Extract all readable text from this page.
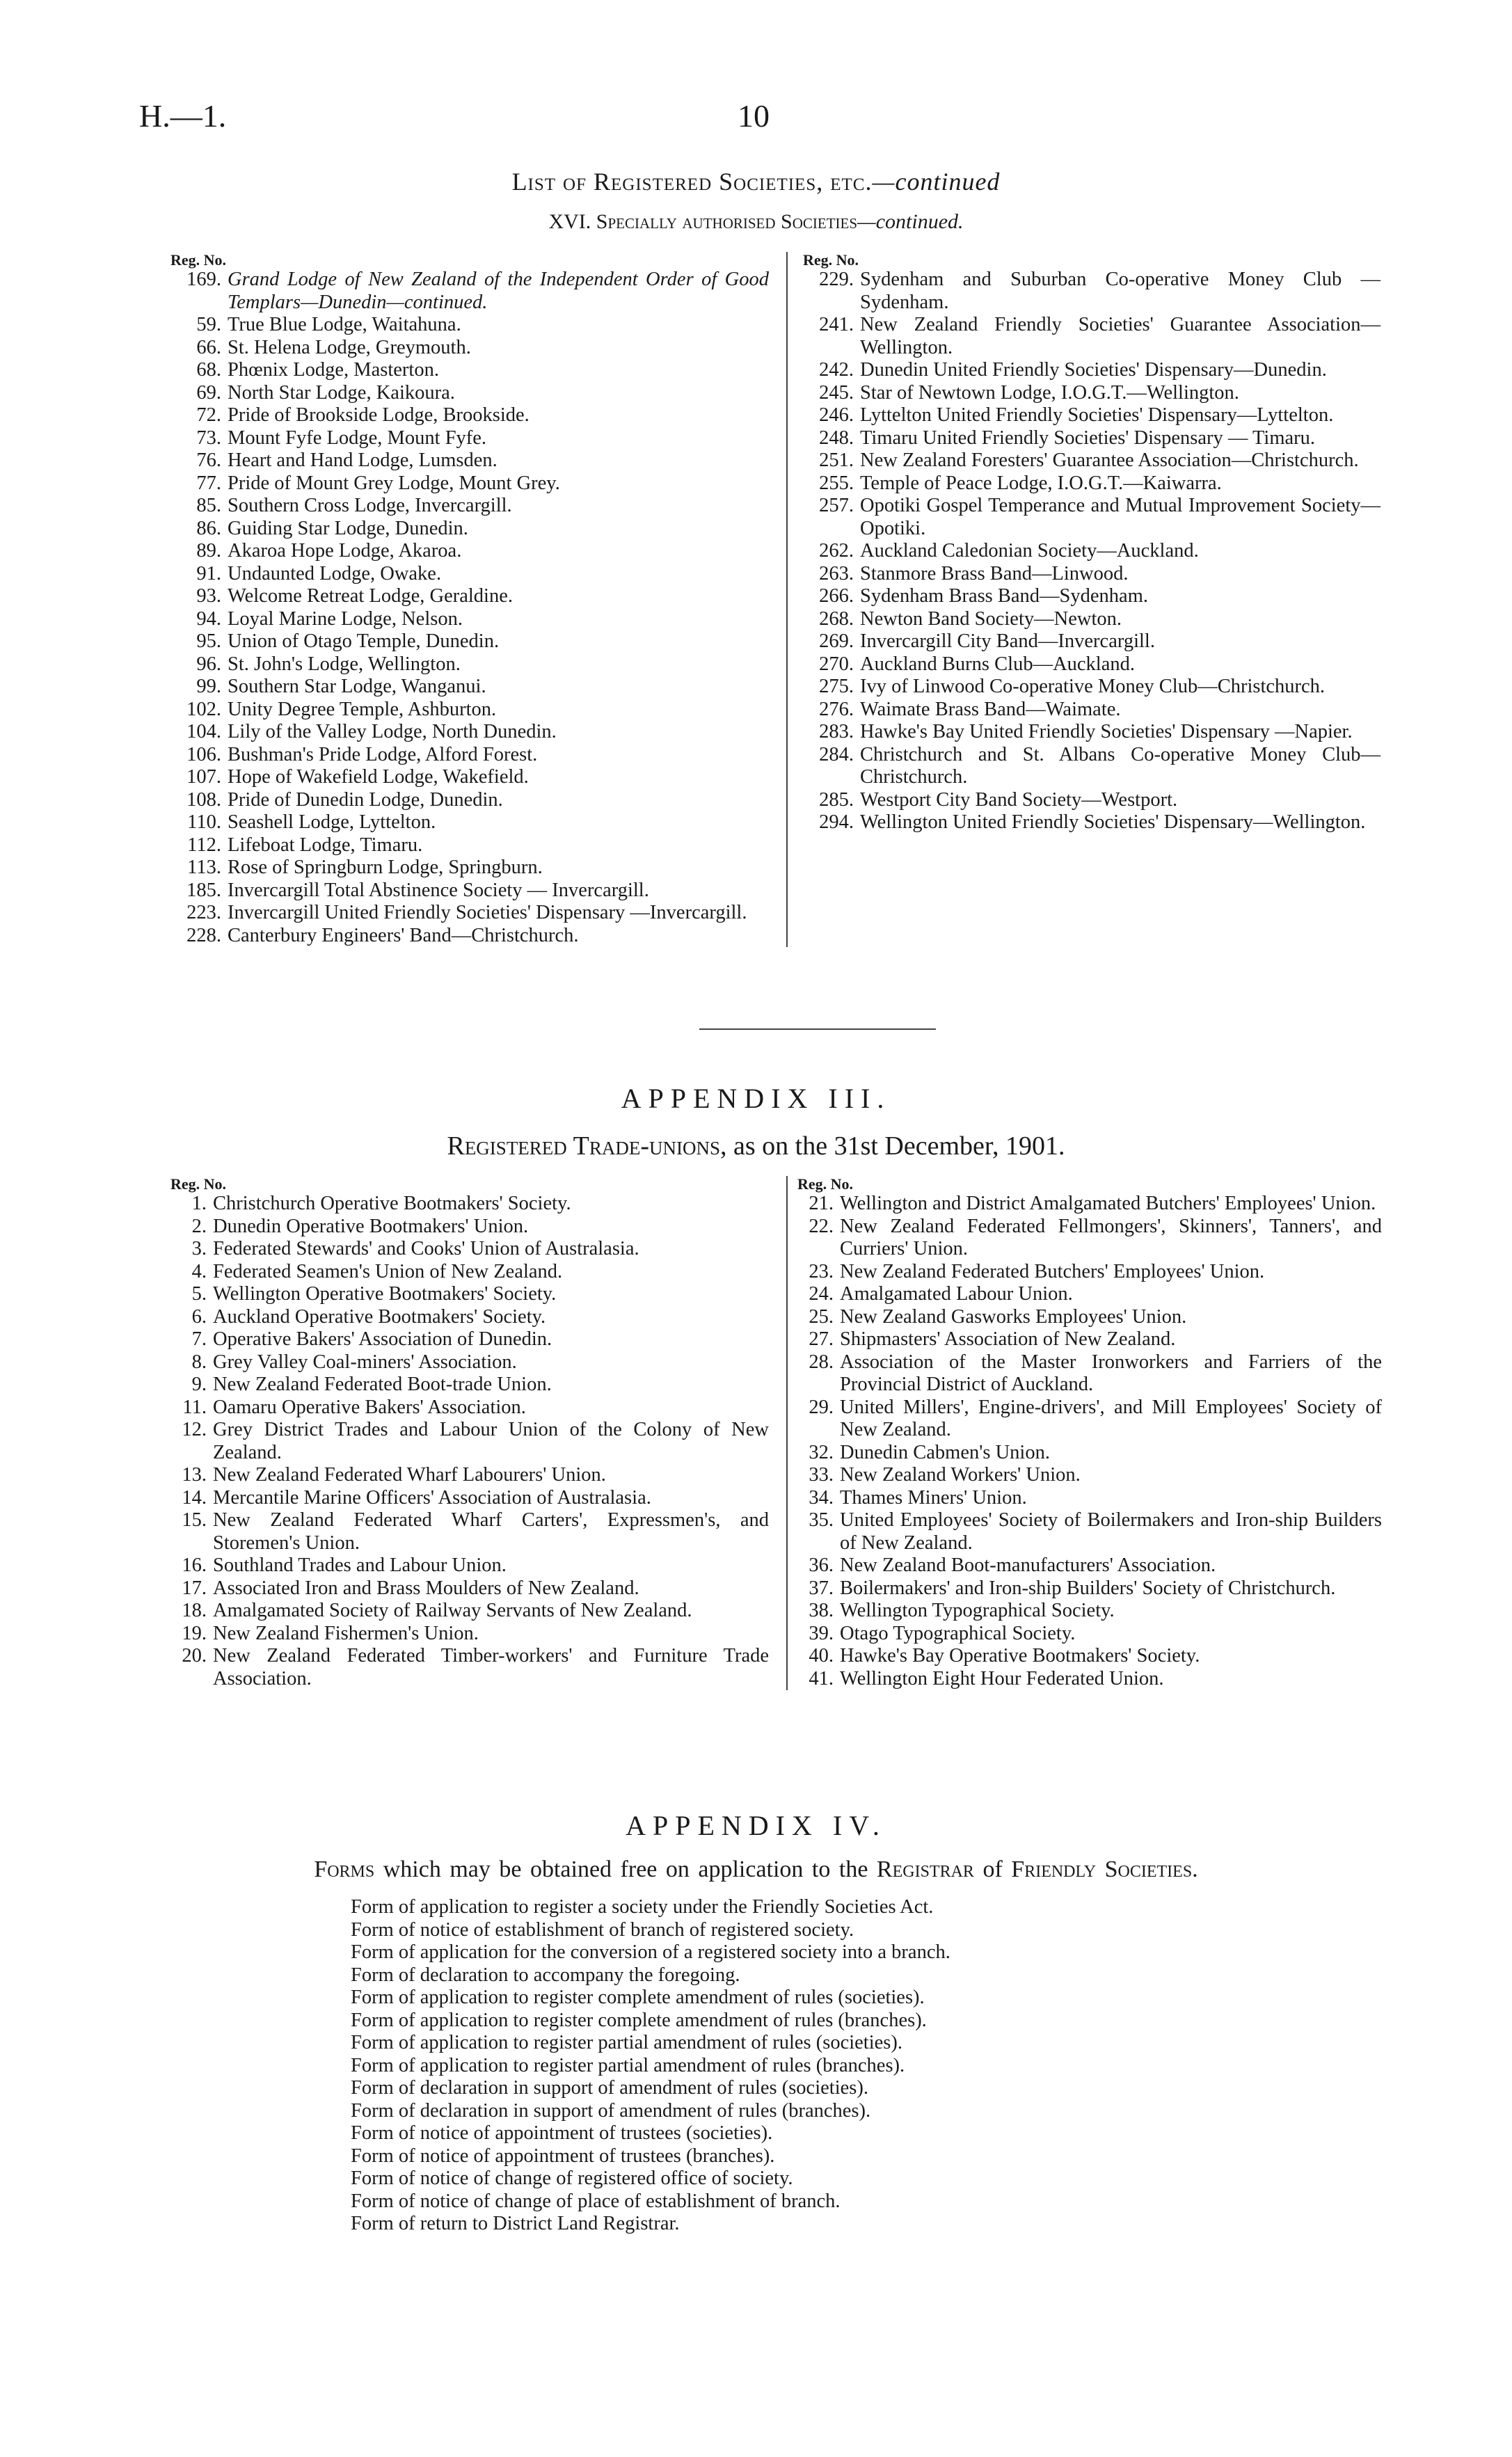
H.—1.	10
List of Registered Societies, etc.—continued
XVI. Specially authorised Societies—continued.
Reg. No.
169. Grand Lodge of New Zealand of the Independent Order of Good Templars—Dunedin—continued.
59. True Blue Lodge, Waitahuna.
66. St. Helena Lodge, Greymouth.
68. Phœnix Lodge, Masterton.
69. North Star Lodge, Kaikoura.
72. Pride of Brookside Lodge, Brookside.
73. Mount Fyfe Lodge, Mount Fyfe.
76. Heart and Hand Lodge, Lumsden.
77. Pride of Mount Grey Lodge, Mount Grey.
85. Southern Cross Lodge, Invercargill.
86. Guiding Star Lodge, Dunedin.
89. Akaroa Hope Lodge, Akaroa.
91. Undaunted Lodge, Owake.
93. Welcome Retreat Lodge, Geraldine.
94. Loyal Marine Lodge, Nelson.
95. Union of Otago Temple, Dunedin.
96. St. John's Lodge, Wellington.
99. Southern Star Lodge, Wanganui.
102. Unity Degree Temple, Ashburton.
104. Lily of the Valley Lodge, North Dunedin.
106. Bushman's Pride Lodge, Alford Forest.
107. Hope of Wakefield Lodge, Wakefield.
108. Pride of Dunedin Lodge, Dunedin.
110. Seashell Lodge, Lyttelton.
112. Lifeboat Lodge, Timaru.
113. Rose of Springburn Lodge, Springburn.
185. Invercargill Total Abstinence Society — Invercargill.
223. Invercargill United Friendly Societies' Dispensary —Invercargill.
228. Canterbury Engineers' Band—Christchurch.
Reg. No.
229. Sydenham and Suburban Co-operative Money Club —Sydenham.
241. New Zealand Friendly Societies' Guarantee Association—Wellington.
242. Dunedin United Friendly Societies' Dispensary—Dunedin.
245. Star of Newtown Lodge, I.O.G.T.—Wellington.
246. Lyttelton United Friendly Societies' Dispensary—Lyttelton.
248. Timaru United Friendly Societies' Dispensary — Timaru.
251. New Zealand Foresters' Guarantee Association—Christchurch.
255. Temple of Peace Lodge, I.O.G.T.—Kaiwarra.
257. Opotiki Gospel Temperance and Mutual Improvement Society—Opotiki.
262. Auckland Caledonian Society—Auckland.
263. Stanmore Brass Band—Linwood.
266. Sydenham Brass Band—Sydenham.
268. Newton Band Society—Newton.
269. Invercargill City Band—Invercargill.
270. Auckland Burns Club—Auckland.
275. Ivy of Linwood Co-operative Money Club—Christchurch.
276. Waimate Brass Band—Waimate.
283. Hawke's Bay United Friendly Societies' Dispensary —Napier.
284. Christchurch and St. Albans Co-operative Money Club—Christchurch.
285. Westport City Band Society—Westport.
294. Wellington United Friendly Societies' Dispensary—Wellington.
APPENDIX III.
Registered Trade-unions, as on the 31st December, 1901.
Reg. No.
1. Christchurch Operative Bootmakers' Society.
2. Dunedin Operative Bootmakers' Union.
3. Federated Stewards' and Cooks' Union of Australasia.
4. Federated Seamen's Union of New Zealand.
5. Wellington Operative Bootmakers' Society.
6. Auckland Operative Bootmakers' Society.
7. Operative Bakers' Association of Dunedin.
8. Grey Valley Coal-miners' Association.
9. New Zealand Federated Boot-trade Union.
11. Oamaru Operative Bakers' Association.
12. Grey District Trades and Labour Union of the Colony of New Zealand.
13. New Zealand Federated Wharf Labourers' Union.
14. Mercantile Marine Officers' Association of Australasia.
15. New Zealand Federated Wharf Carters', Expressmen's, and Storemen's Union.
16. Southland Trades and Labour Union.
17. Associated Iron and Brass Moulders of New Zealand.
18. Amalgamated Society of Railway Servants of New Zealand.
19. New Zealand Fishermen's Union.
20. New Zealand Federated Timber-workers' and Furniture Trade Association.
Reg. No.
21. Wellington and District Amalgamated Butchers' Employees' Union.
22. New Zealand Federated Fellmongers', Skinners', Tanners', and Curriers' Union.
23. New Zealand Federated Butchers' Employees' Union.
24. Amalgamated Labour Union.
25. New Zealand Gasworks Employees' Union.
27. Shipmasters' Association of New Zealand.
28. Association of the Master Ironworkers and Farriers of the Provincial District of Auckland.
29. United Millers', Engine-drivers', and Mill Employees' Society of New Zealand.
32. Dunedin Cabmen's Union.
33. New Zealand Workers' Union.
34. Thames Miners' Union.
35. United Employees' Society of Boilermakers and Iron-ship Builders of New Zealand.
36. New Zealand Boot-manufacturers' Association.
37. Boilermakers' and Iron-ship Builders' Society of Christchurch.
38. Wellington Typographical Society.
39. Otago Typographical Society.
40. Hawke's Bay Operative Bootmakers' Society.
41. Wellington Eight Hour Federated Union.
APPENDIX IV.
Forms which may be obtained free on application to the Registrar of Friendly Societies.
Form of application to register a society under the Friendly Societies Act.
Form of notice of establishment of branch of registered society.
Form of application for the conversion of a registered society into a branch.
Form of declaration to accompany the foregoing.
Form of application to register complete amendment of rules (societies).
Form of application to register complete amendment of rules (branches).
Form of application to register partial amendment of rules (societies).
Form of application to register partial amendment of rules (branches).
Form of declaration in support of amendment of rules (societies).
Form of declaration in support of amendment of rules (branches).
Form of notice of appointment of trustees (societies).
Form of notice of appointment of trustees (branches).
Form of notice of change of registered office of society.
Form of notice of change of place of establishment of branch.
Form of return to District Land Registrar.
